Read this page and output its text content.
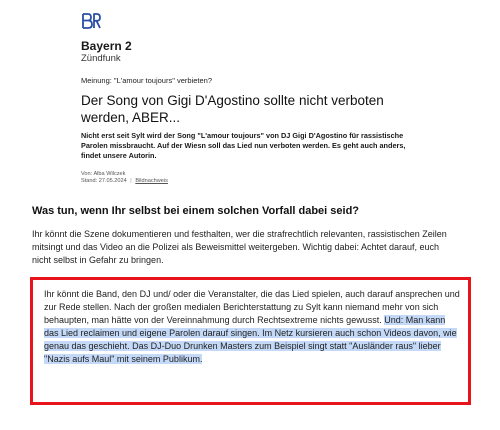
Bayern 2
Zündfunk
Meinung: "L'amour toujours" verbieten?
Der Song von Gigi D'Agostino sollte nicht verboten werden, ABER...

Nicht erst seit Sylt wird der Song "L'amour toujours" von DJ Gigi D'Agostino für rassistische Parolen missbraucht. Auf der Wiesn soll das Lied nun verboten werden. Es geht auch anders, findet unsere Autorin.

Von: Alba Wilczek
Stand: 27.05.2024 | Bildnachweis
Was tun, wenn Ihr selbst bei einem solchen Vorfall dabei seid?

Ihr könnt die Szene dokumentieren und festhalten, wer die strafrechtlich relevanten, rassistischen Zeilen mitsingt und das Video an die Polizei als Beweismittel weitergeben. Wichtig dabei: Achtet darauf, euch nicht selbst in Gefahr zu bringen.

Ihr könnt die Band, den DJ und/ oder die Veranstalter, die das Lied spielen, auch darauf ansprechen und zur Rede stellen. Nach der großen medialen Berichterstattung zu Sylt kann niemand mehr von sich behaupten, man hätte von der Vereinnahmung durch Rechtsextreme nichts gewusst. Und: Man kann das Lied reclaimen und eigene Parolen darauf singen. Im Netz kursieren auch schon Videos davon, wie genau das geschieht. Das DJ-Duo Drunken Masters zum Beispiel singt statt "Ausländer raus" lieber "Nazis aufs Maul" mit seinem Publikum.
